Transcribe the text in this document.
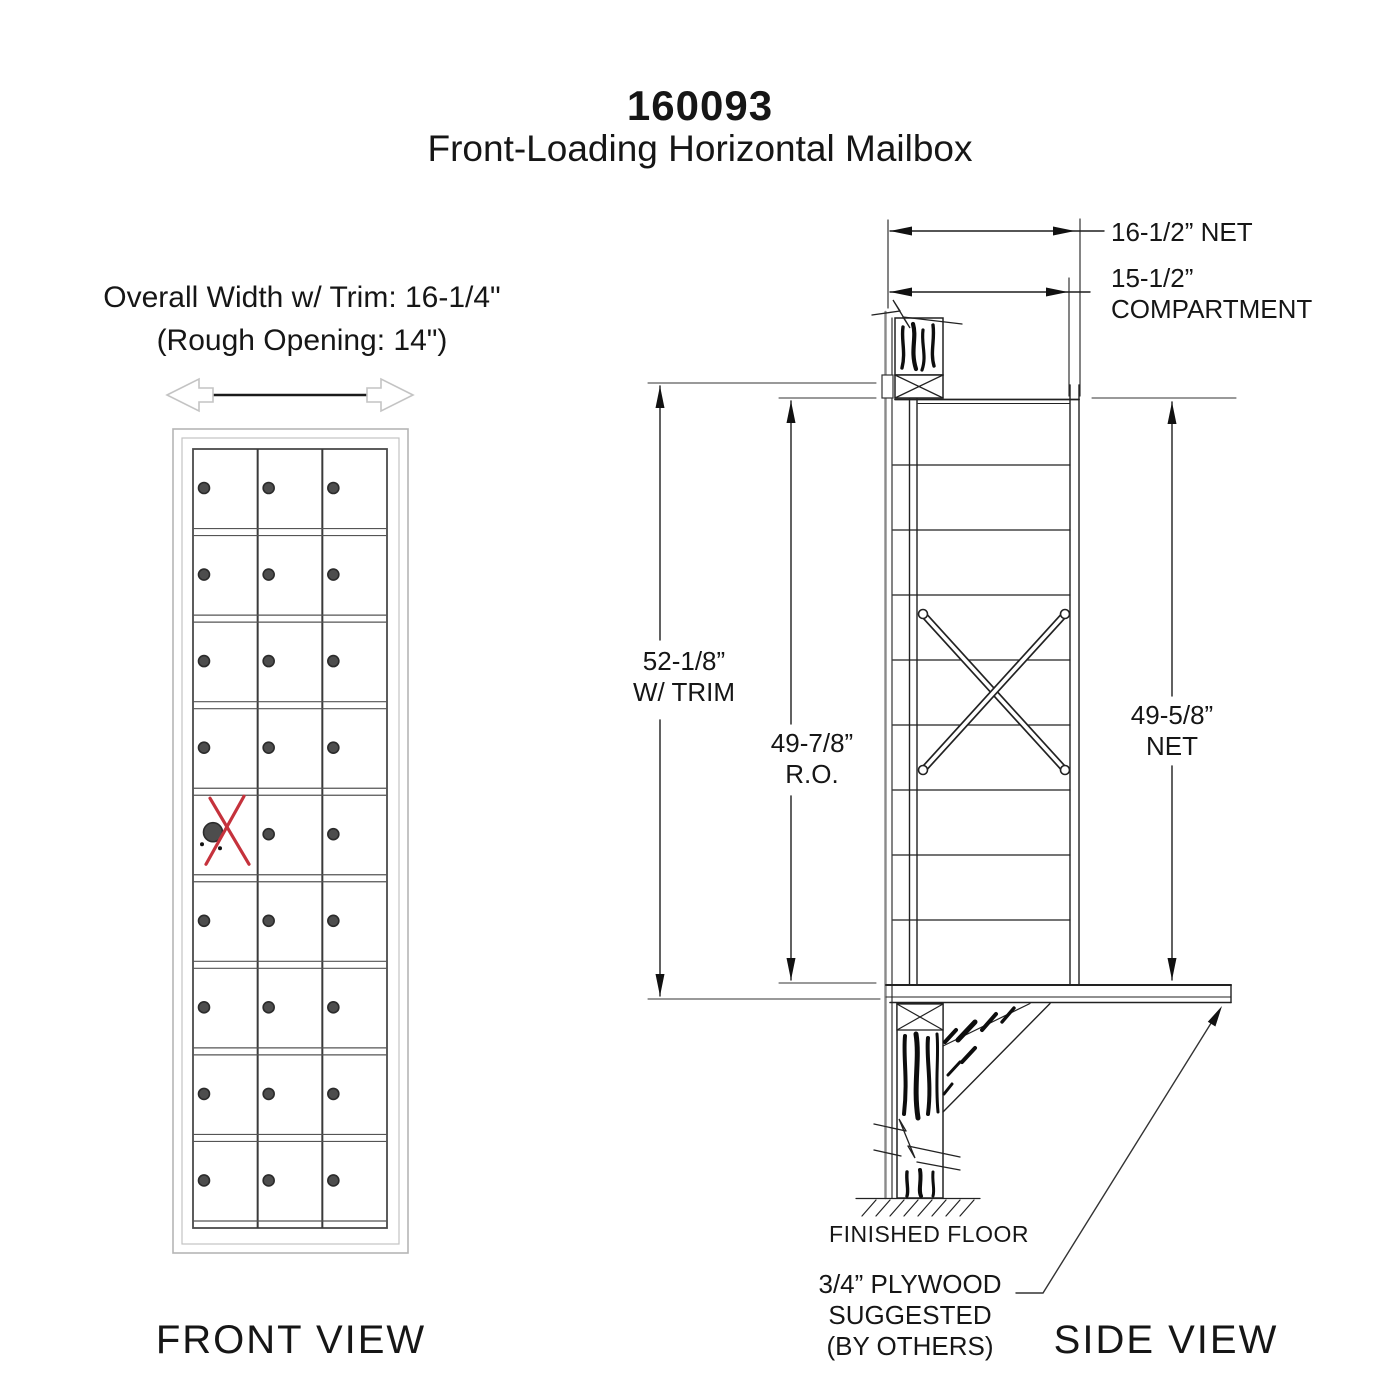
160093
Front-Loading Horizontal Mailbox
Overall Width w/ Trim: 16-1/4"
(Rough Opening: 14")
FRONT VIEW	SIDE VIEW
16-1/2” NET
15-1/2”
COMPARTMENT
52-1/8”
W/ TRIM
49-7/8”
R.O.
49-5/8”
NET
FINISHED FLOOR
3/4” PLYWOOD
SUGGESTED
(BY OTHERS)
